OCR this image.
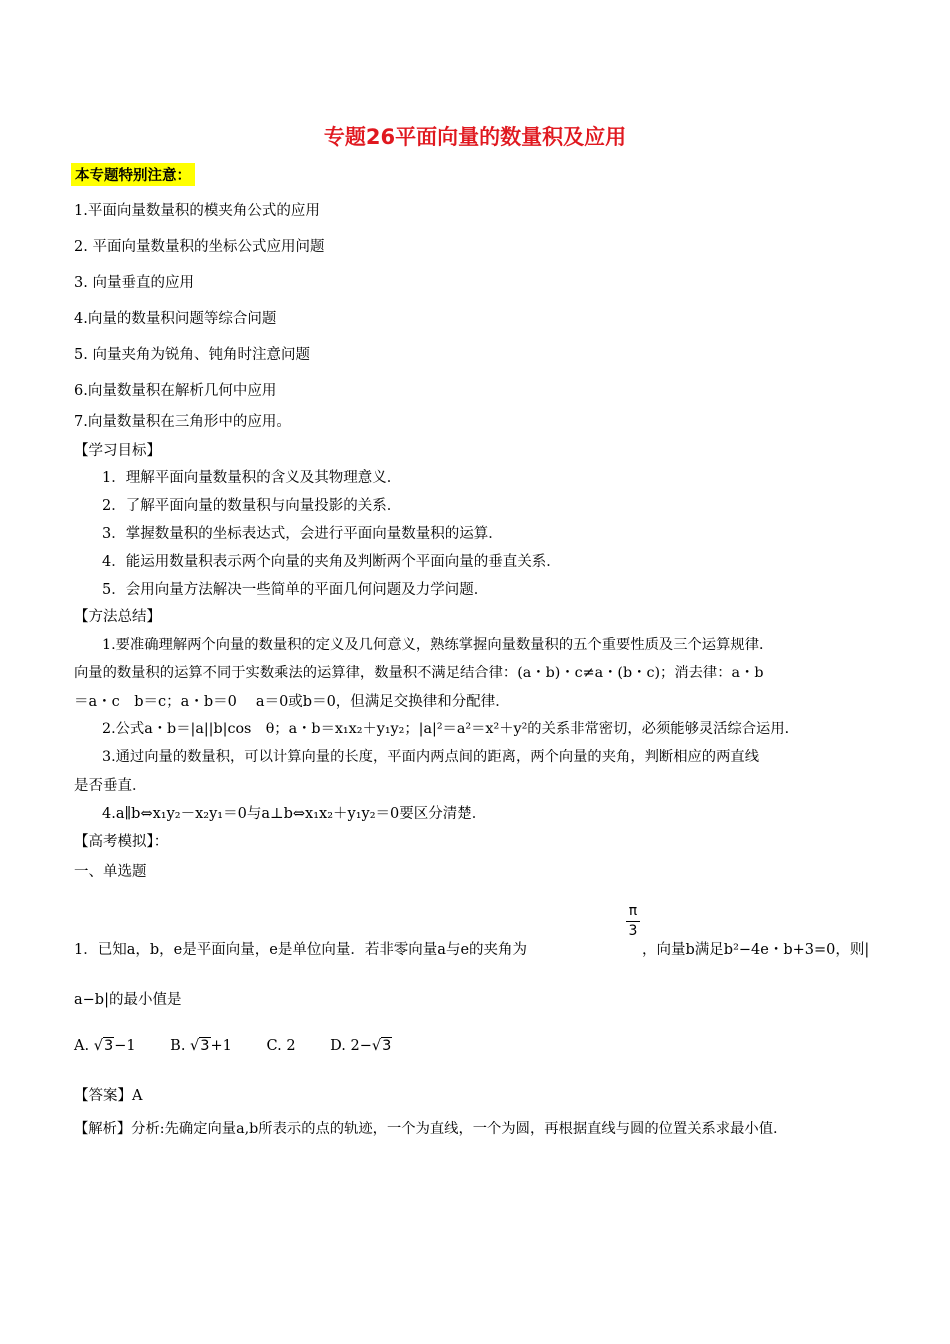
专题26平面向量的数量积及应用
本专题特别注意：
1.平面向量数量积的模夹角公式的应用
2. 平面向量数量积的坐标公式应用问题
3. 向量垂直的应用
4.向量的数量积问题等综合问题
5. 向量夹角为锐角、钝角时注意问题
6.向量数量积在解析几何中应用
7.向量数量积在三角形中的应用。
【学习目标】
1．理解平面向量数量积的含义及其物理意义．
2．了解平面向量的数量积与向量投影的关系．
3．掌握数量积的坐标表达式，会进行平面向量数量积的运算．
4．能运用数量积表示两个向量的夹角及判断两个平面向量的垂直关系．
5．会用向量方法解决一些简单的平面几何问题及力学问题．
【方法总结】
1.要准确理解两个向量的数量积的定义及几何意义，熟练掌握向量数量积的五个重要性质及三个运算规律．
向量的数量积的运算不同于实数乘法的运算律，数量积不满足结合律：(a・b)・c≠a・(b・c)；消去律：a・b
＝a・c　b＝c；a・b＝0　 a＝0或b＝0，但满足交换律和分配律．
2.公式a・b＝|a||b|cos　θ；a・b＝x₁x₂＋y₁y₂；|a|²＝a²＝x²＋y²的关系非常密切，必须能够灵活综合运用．
3.通过向量的数量积，可以计算向量的长度，平面内两点间的距离，两个向量的夹角，判断相应的两直线
是否垂直．
4.a∥b⇔x₁y₂－x₂y₁＝0与a⊥b⇔x₁x₂＋y₁y₂＝0要区分清楚．
【高考模拟】：
一、单选题
1．已知a，b，e是平面向量，e是单位向量．若非零向量a与e的夹角为
π
3
，向量b满足b²−4e・b+3=0，则|
a−b|的最小值是
A. √3−1 B. √3+1 C. 2 D. 2−√3
【答案】A
【解析】分析:先确定向量a,b所表示的点的轨迹，一个为直线，一个为圆，再根据直线与圆的位置关系求最小值.
